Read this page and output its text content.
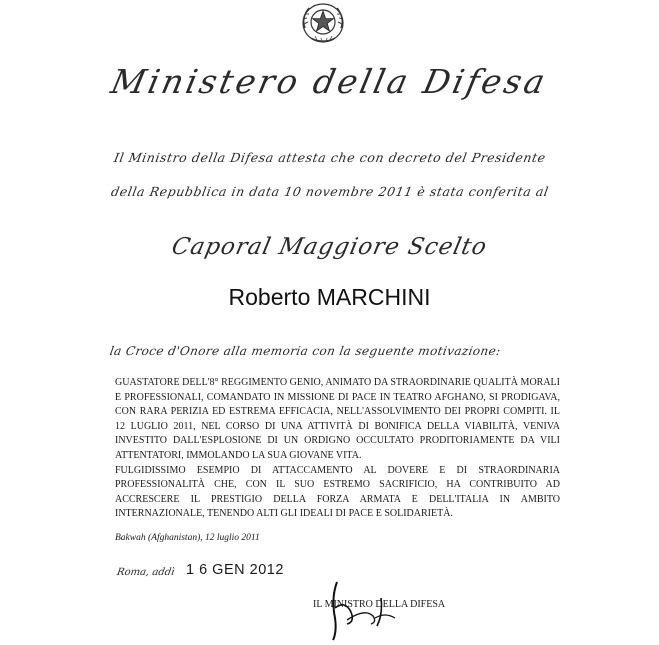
Ministero della Difesa
Il Ministro della Difesa attesta che con decreto del Presidente
della Repubblica in data 10 novembre 2011 è stata conferita al
Caporal Maggiore Scelto
Roberto MARCHINI
la Croce d'Onore alla memoria con la seguente motivazione:

GUASTATORE DELL'8° REGGIMENTO GENIO, ANIMATO DA STRAORDINARIE QUALITÀ MORALI E PROFESSIONALI, COMANDATO IN MISSIONE DI PACE IN TEATRO AFGHANO, SI PRODIGAVA, CON RARA PERIZIA ED ESTREMA EFFICACIA, NELL'ASSOLVIMENTO DEI PROPRI COMPITI. IL 12 LUGLIO 2011, NEL CORSO DI UNA ATTIVITÀ DI BONIFICA DELLA VIABILITÀ, VENIVA INVESTITO DALL'ESPLOSIONE DI UN ORDIGNO OCCULTATO PRODITORIAMENTE DA VILI ATTENTATORI, IMMOLANDO LA SUA GIOVANE VITA.

FULGIDISSIMO ESEMPIO DI ATTACCAMENTO AL DOVERE E DI STRAORDINARIA PROFESSIONALITÀ CHE, CON IL SUO ESTREMO SACRIFICIO, HA CONTRIBUITO AD ACCRESCERE IL PRESTIGIO DELLA FORZA ARMATA E DELL'ITALIA IN AMBITO INTERNAZIONALE, TENENDO ALTI GLI IDEALI DI PACE E SOLIDARIETÀ.

Bakwah (Afghanistan), 12 luglio 2011
Roma, addì 1 6 GEN 2012
IL MINISTRO DELLA DIFESA
